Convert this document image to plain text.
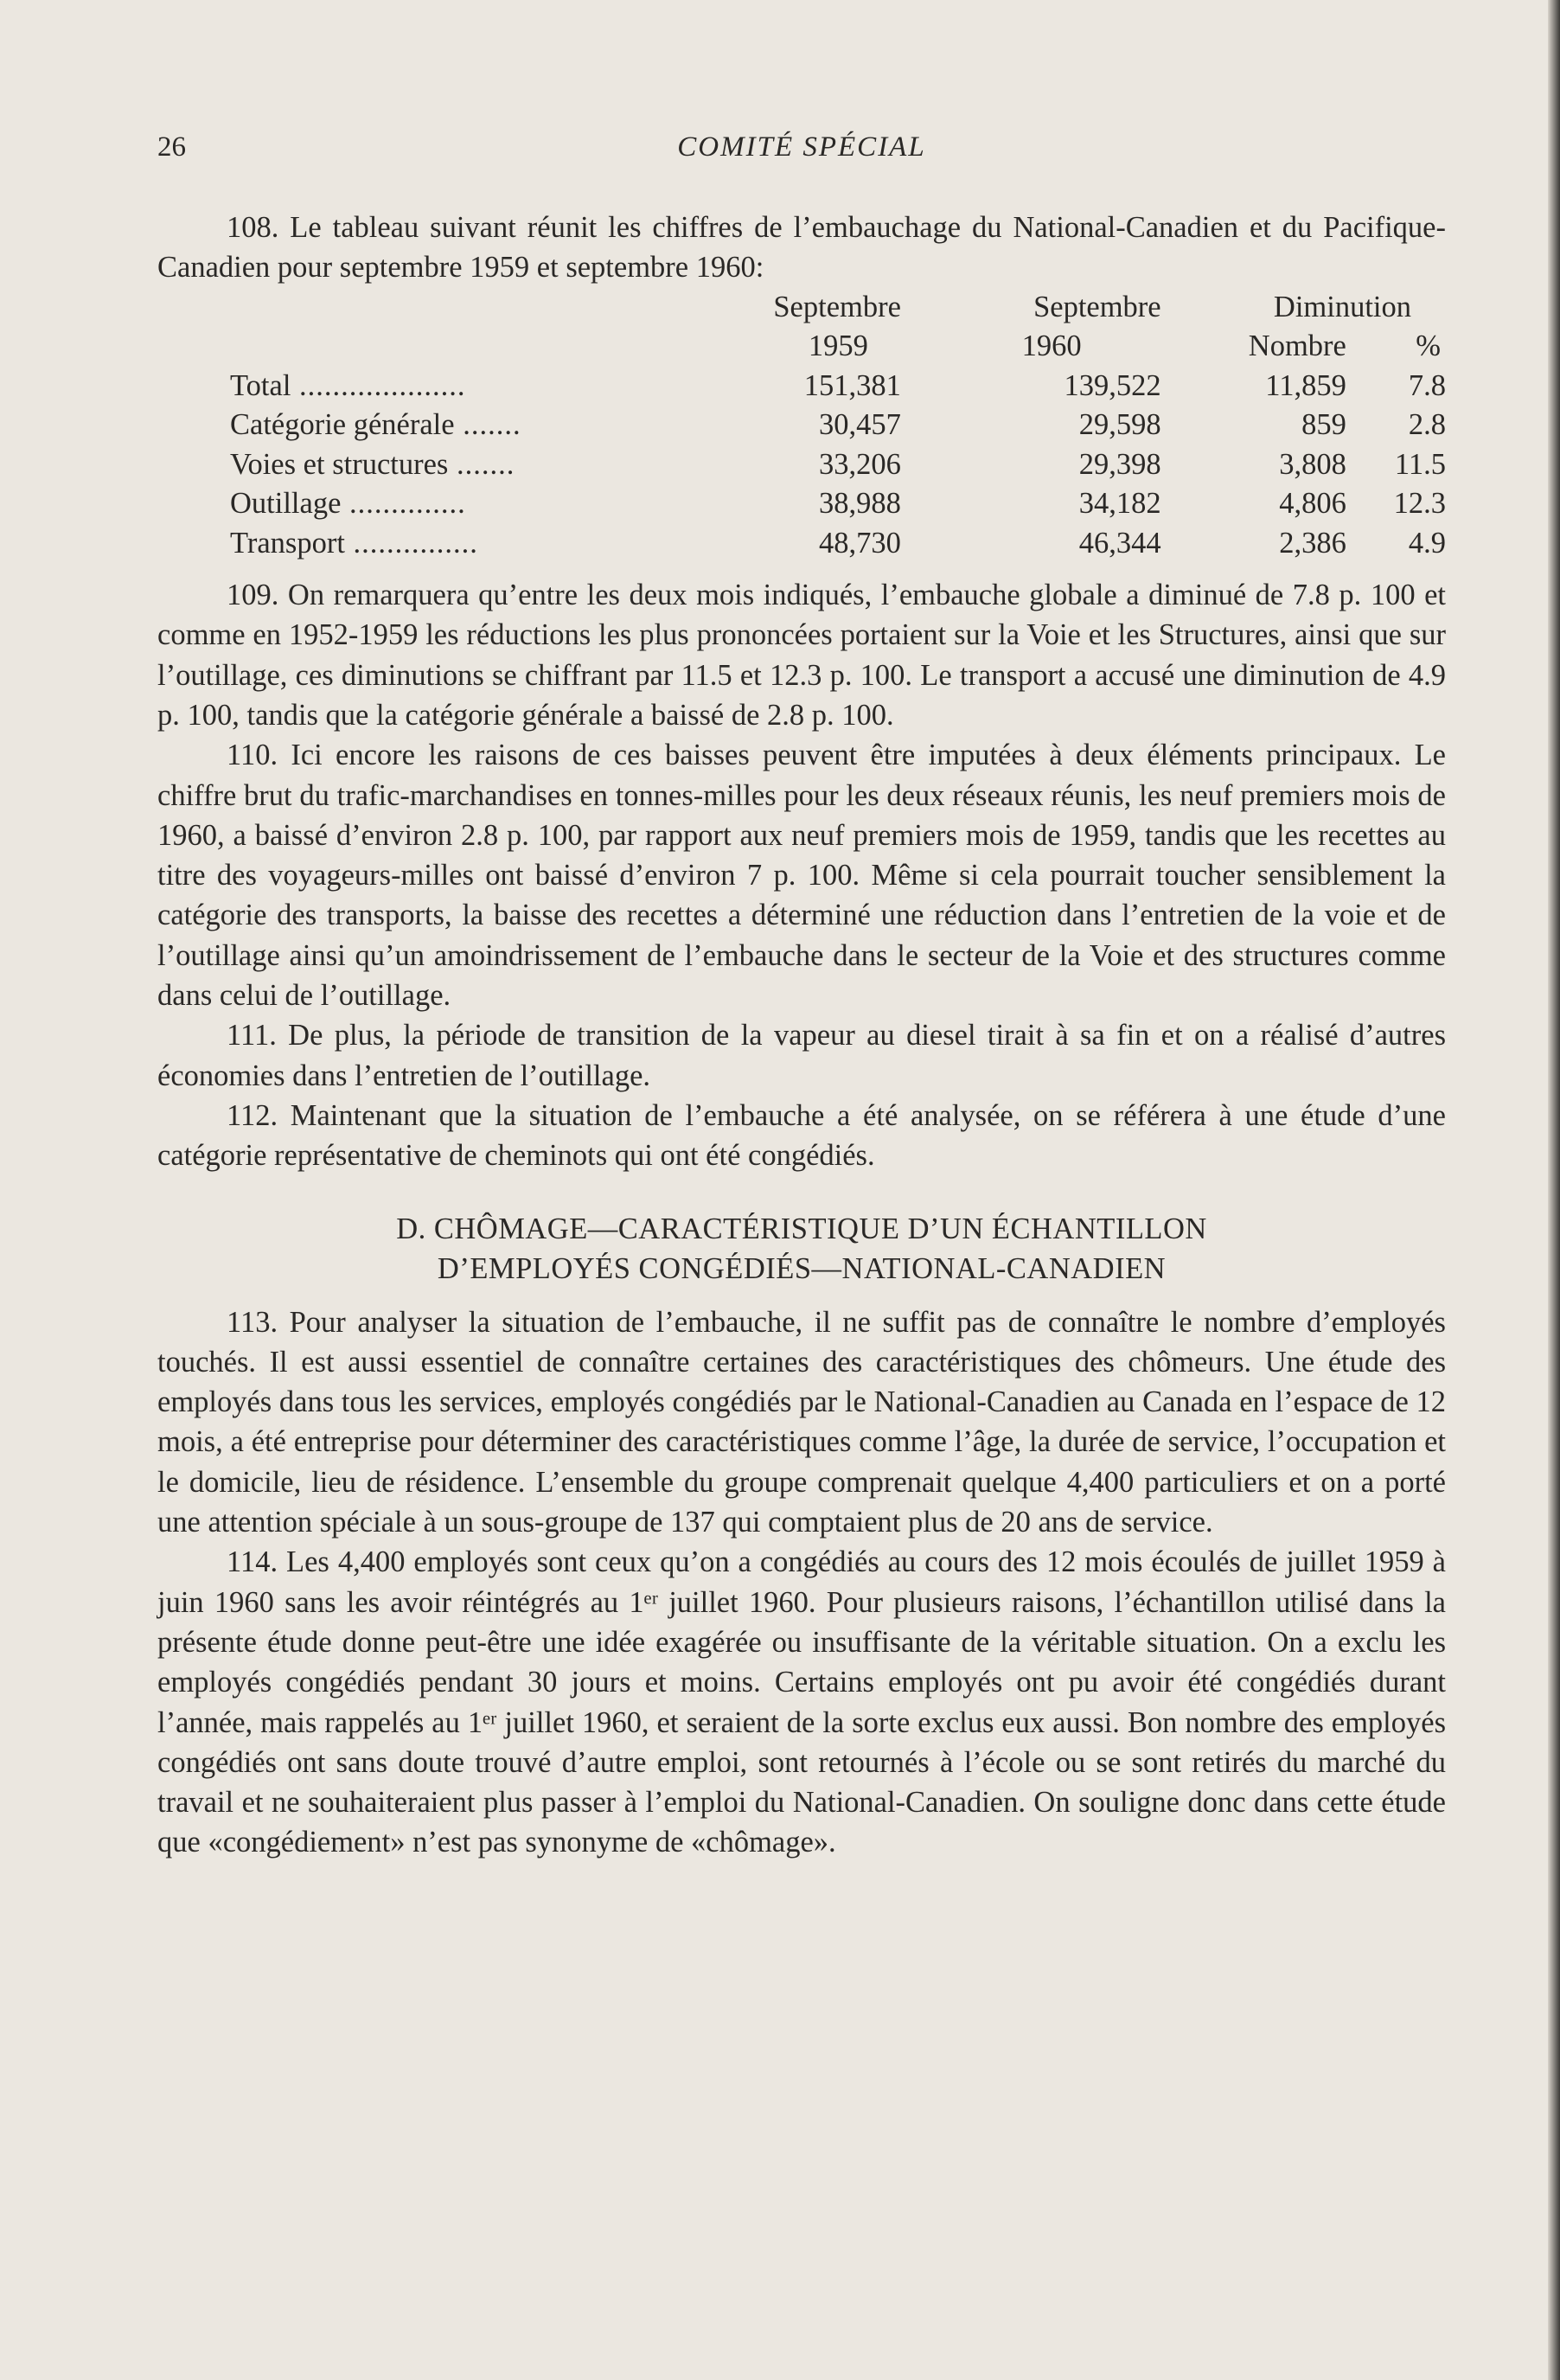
26	COMITÉ SPÉCIAL

108. Le tableau suivant réunit les chiffres de l’embauchage du National-Canadien et du Pacifique-Canadien pour septembre 1959 et septembre 1960:

	Septembre	Septembre	Diminution		
	1959	1960	Nombre	%	
Total ....................	151,381	139,522	11,859	7.8	
Catégorie générale .......	30,457	29,598	859	2.8	
Voies et structures .......	33,206	29,398	3,808	11.5	
Outillage ..............	38,988	34,182	4,806	12.3	
Transport ...............	48,730	46,344	2,386	4.9	

109. On remarquera qu’entre les deux mois indiqués, l’embauche globale a diminué de 7.8 p. 100 et comme en 1952-1959 les réductions les plus prononcées portaient sur la Voie et les Structures, ainsi que sur l’outillage, ces diminutions se chiffrant par 11.5 et 12.3 p. 100. Le transport a accusé une diminution de 4.9 p. 100, tandis que la catégorie générale a baissé de 2.8 p. 100.

110. Ici encore les raisons de ces baisses peuvent être imputées à deux éléments principaux. Le chiffre brut du trafic-marchandises en tonnes-milles pour les deux réseaux réunis, les neuf premiers mois de 1960, a baissé d’environ 2.8 p. 100, par rapport aux neuf premiers mois de 1959, tandis que les recettes au titre des voyageurs-milles ont baissé d’environ 7 p. 100. Même si cela pourrait toucher sensiblement la catégorie des transports, la baisse des recettes a déterminé une réduction dans l’entretien de la voie et de l’outillage ainsi qu’un amoindrissement de l’embauche dans le secteur de la Voie et des structures comme dans celui de l’outillage.

111. De plus, la période de transition de la vapeur au diesel tirait à sa fin et on a réalisé d’autres économies dans l’entretien de l’outillage.

112. Maintenant que la situation de l’embauche a été analysée, on se référera à une étude d’une catégorie représentative de cheminots qui ont été congédiés.

D. CHÔMAGE—CARACTÉRISTIQUE D’UN ÉCHANTILLON
D’EMPLOYÉS CONGÉDIÉS—NATIONAL-CANADIEN

113. Pour analyser la situation de l’embauche, il ne suffit pas de connaître le nombre d’employés touchés. Il est aussi essentiel de connaître certaines des caractéristiques des chômeurs. Une étude des employés dans tous les services, employés congédiés par le National-Canadien au Canada en l’espace de 12 mois, a été entreprise pour déterminer des caractéristiques comme l’âge, la durée de service, l’occupation et le domicile, lieu de résidence. L’ensemble du groupe comprenait quelque 4,400 particuliers et on a porté une attention spéciale à un sous-groupe de 137 qui comptaient plus de 20 ans de service.

114. Les 4,400 employés sont ceux qu’on a congédiés au cours des 12 mois écoulés de juillet 1959 à juin 1960 sans les avoir réintégrés au 1ᵉʳ juillet 1960. Pour plusieurs raisons, l’échantillon utilisé dans la présente étude donne peut-être une idée exagérée ou insuffisante de la véritable situation. On a exclu les employés congédiés pendant 30 jours et moins. Certains employés ont pu avoir été congédiés durant l’année, mais rappelés au 1ᵉʳ juillet 1960, et seraient de la sorte exclus eux aussi. Bon nombre des employés congédiés ont sans doute trouvé d’autre emploi, sont retournés à l’école ou se sont retirés du marché du travail et ne souhaiteraient plus passer à l’emploi du National-Canadien. On souligne donc dans cette étude que «congédiement» n’est pas synonyme de «chômage».
